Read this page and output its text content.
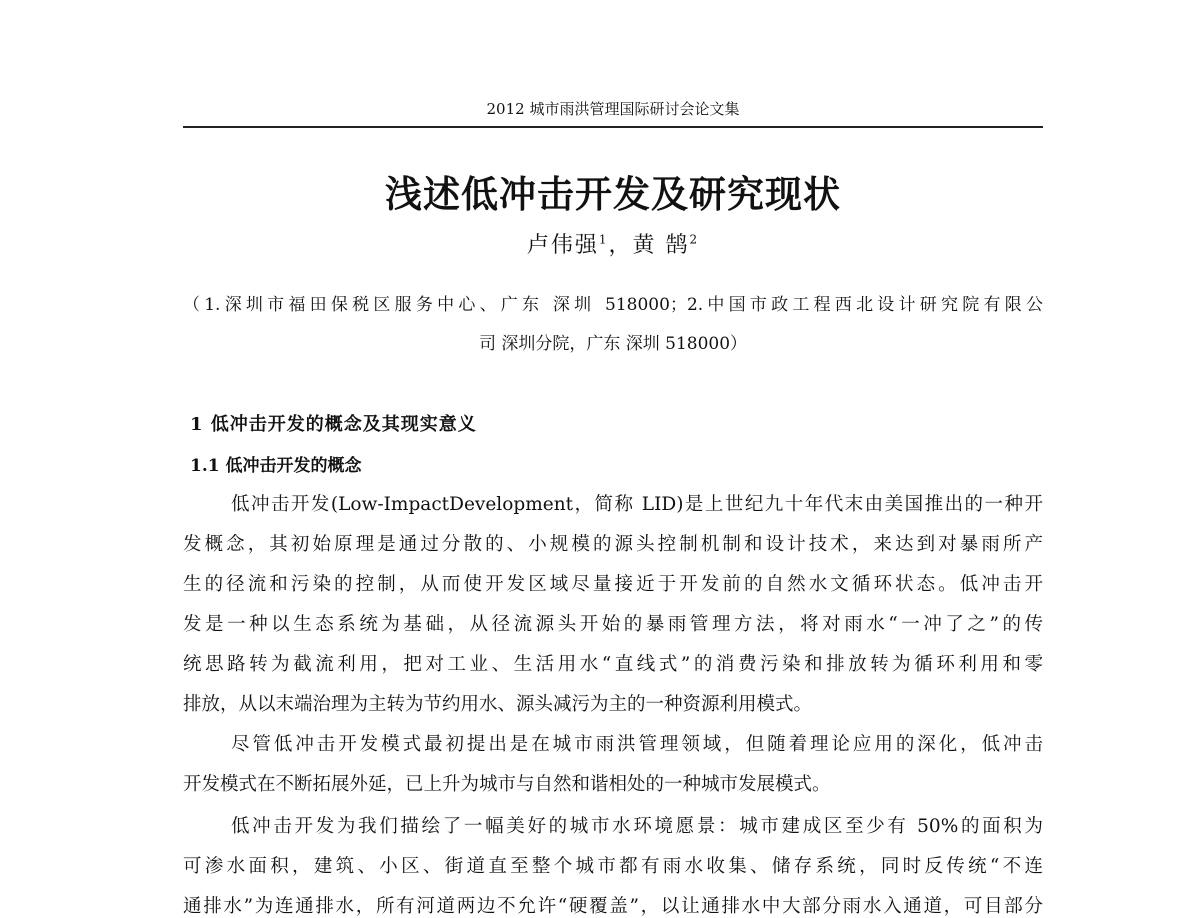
2012 城市雨洪管理国际研讨会论文集
浅述低冲击开发及研究现状
卢伟强$^1$，黄 鹄$^2$
（1.深圳市福田保税区服务中心、广东 深圳 518000；2.中国市政工程西北设计研究院有限公
司 深圳分院，广东 深圳 518000）
1 低冲击开发的概念及其现实意义
1.1 低冲击开发的概念
低冲击开发(Low-ImpactDevelopment，简称 LID)是上世纪九十年代末由美国推出的一种开
发概念，其初始原理是通过分散的、小规模的源头控制机制和设计技术，来达到对暴雨所产
生的径流和污染的控制，从而使开发区域尽量接近于开发前的自然水文循环状态。低冲击开
发是一种以生态系统为基础，从径流源头开始的暴雨管理方法，将对雨水“一冲了之”的传
统思路转为截流利用，把对工业、生活用水“直线式”的消费污染和排放转为循环利用和零
排放，从以末端治理为主转为节约用水、源头减污为主的一种资源利用模式。
尽管低冲击开发模式最初提出是在城市雨洪管理领域，但随着理论应用的深化，低冲击
开发模式在不断拓展外延，已上升为城市与自然和谐相处的一种城市发展模式。
低冲击开发为我们描绘了一幅美好的城市水环境愿景：城市建成区至少有 50%的面积为
可渗水面积，建筑、小区、街道直至整个城市都有雨水收集、储存系统，同时反传统“不连
通排水”为连通排水，所有河道两边不允许“硬覆盖”，以让通排水中大部分雨水入通道，可目部分
